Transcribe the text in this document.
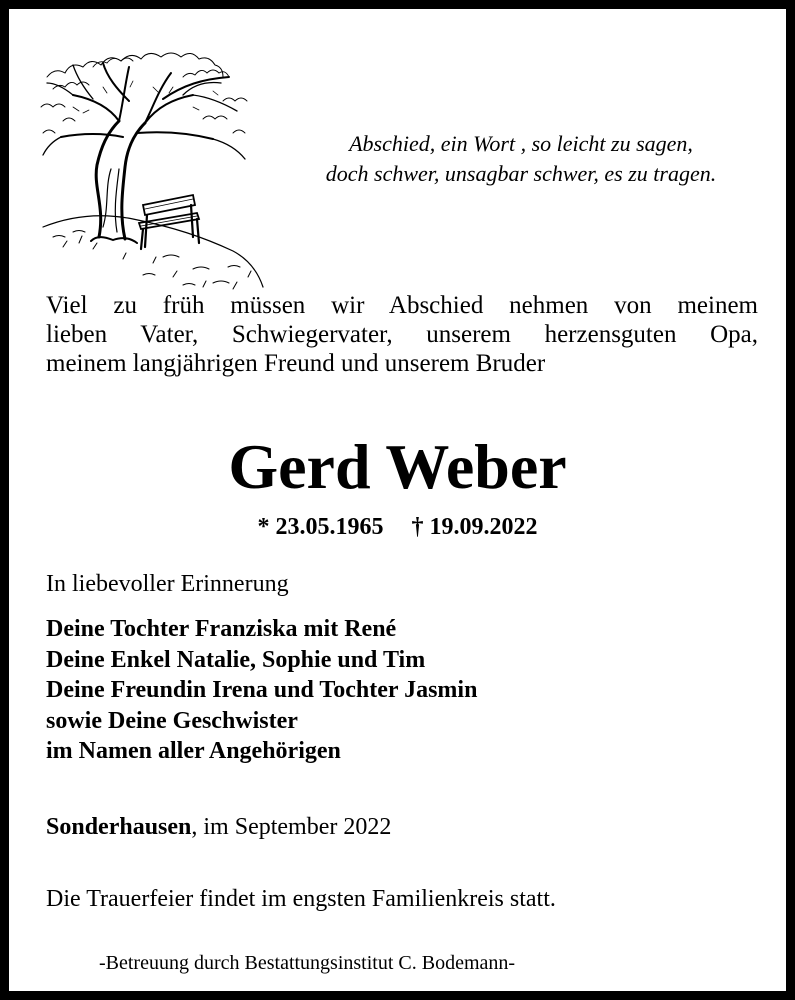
Abschied, ein Wort , so leicht zu sagen,
doch schwer, unsagbar schwer, es zu tragen.
Viel zu früh müssen wir Abschied nehmen von meinem
lieben Vater, Schwiegervater, unserem herzensguten Opa,
meinem langjährigen Freund und unserem Bruder
Gerd Weber
* 23.05.1965 † 19.09.2022
In liebevoller Erinnerung
Deine Tochter Franziska mit René
Deine Enkel Natalie, Sophie und Tim
Deine Freundin Irena und Tochter Jasmin
sowie Deine Geschwister
im Namen aller Angehörigen
Sonderhausen, im September 2022
Die Trauerfeier findet im engsten Familienkreis statt.
-Betreuung durch Bestattungsinstitut C. Bodemann-
